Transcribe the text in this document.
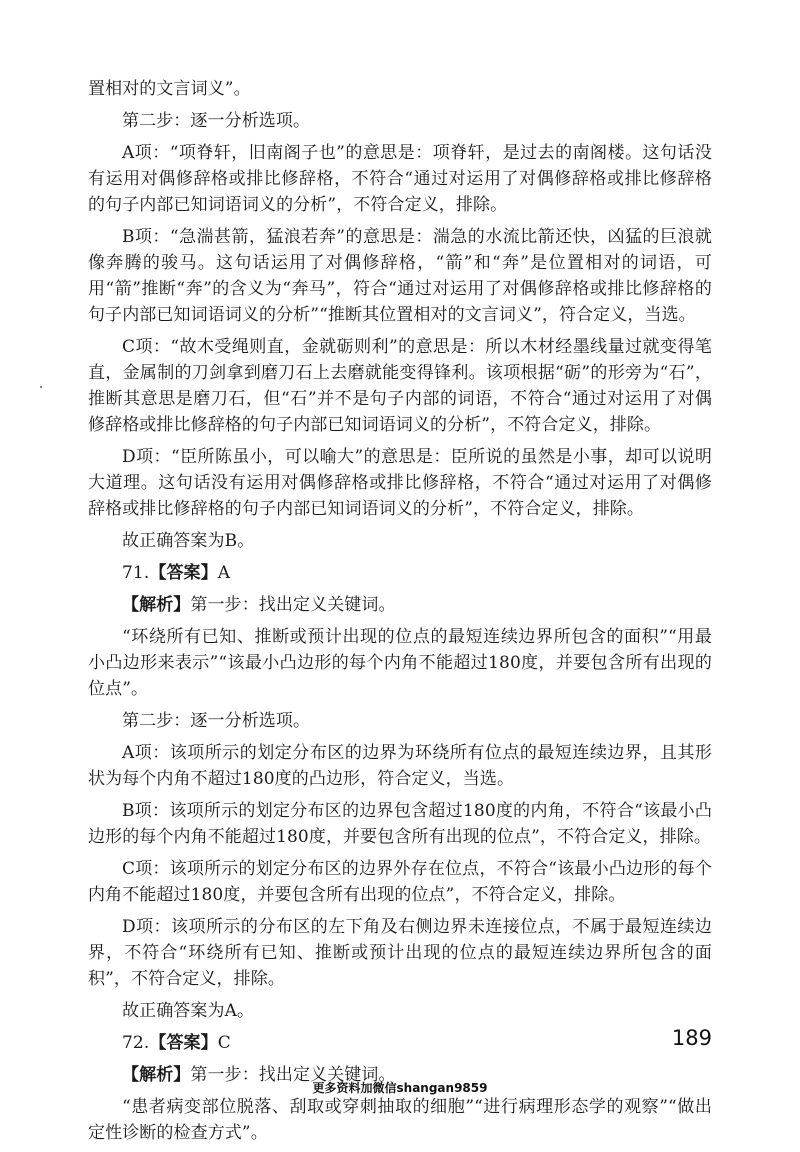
置相对的文言词义”。

第二步：逐一分析选项。

A项：“项脊轩，旧南阁子也”的意思是：项脊轩，是过去的南阁楼。这句话没有运用对偶修辞格或排比修辞格，不符合“通过对运用了对偶修辞格或排比修辞格的句子内部已知词语词义的分析”，不符合定义，排除。

B项：“急湍甚箭，猛浪若奔”的意思是：湍急的水流比箭还快，凶猛的巨浪就像奔腾的骏马。这句话运用了对偶修辞格，“箭”和“奔”是位置相对的词语，可用“箭”推断“奔”的含义为“奔马”，符合“通过对运用了对偶修辞格或排比修辞格的句子内部已知词语词义的分析”“推断其位置相对的文言词义”，符合定义，当选。

C项：“故木受绳则直，金就砺则利”的意思是：所以木材经墨线量过就变得笔直，金属制的刀剑拿到磨刀石上去磨就能变得锋利。该项根据“砺”的形旁为“石”，推断其意思是磨刀石，但“石”并不是句子内部的词语，不符合“通过对运用了对偶修辞格或排比修辞格的句子内部已知词语词义的分析”，不符合定义，排除。

D项：“臣所陈虽小，可以喻大”的意思是：臣所说的虽然是小事，却可以说明大道理。这句话没有运用对偶修辞格或排比修辞格，不符合“通过对运用了对偶修辞格或排比修辞格的句子内部已知词语词义的分析”，不符合定义，排除。

故正确答案为B。

71.【答案】A

【解析】第一步：找出定义关键词。

“环绕所有已知、推断或预计出现的位点的最短连续边界所包含的面积”“用最小凸边形来表示”“该最小凸边形的每个内角不能超过180度，并要包含所有出现的位点”。

第二步：逐一分析选项。

A项：该项所示的划定分布区的边界为环绕所有位点的最短连续边界，且其形状为每个内角不超过180度的凸边形，符合定义，当选。

B项：该项所示的划定分布区的边界包含超过180度的内角，不符合“该最小凸边形的每个内角不能超过180度，并要包含所有出现的位点”，不符合定义，排除。

C项：该项所示的划定分布区的边界外存在位点，不符合“该最小凸边形的每个内角不能超过180度，并要包含所有出现的位点”，不符合定义，排除。

D项：该项所示的分布区的左下角及右侧边界未连接位点，不属于最短连续边界，不符合“环绕所有已知、推断或预计出现的位点的最短连续边界所包含的面积”，不符合定义，排除。

故正确答案为A。

72.【答案】C

【解析】第一步：找出定义关键词。

“患者病变部位脱落、刮取或穿刺抽取的细胞”“进行病理形态学的观察”“做出定性诊断的检查方式”。

189
更多资料加微信shangan9859
